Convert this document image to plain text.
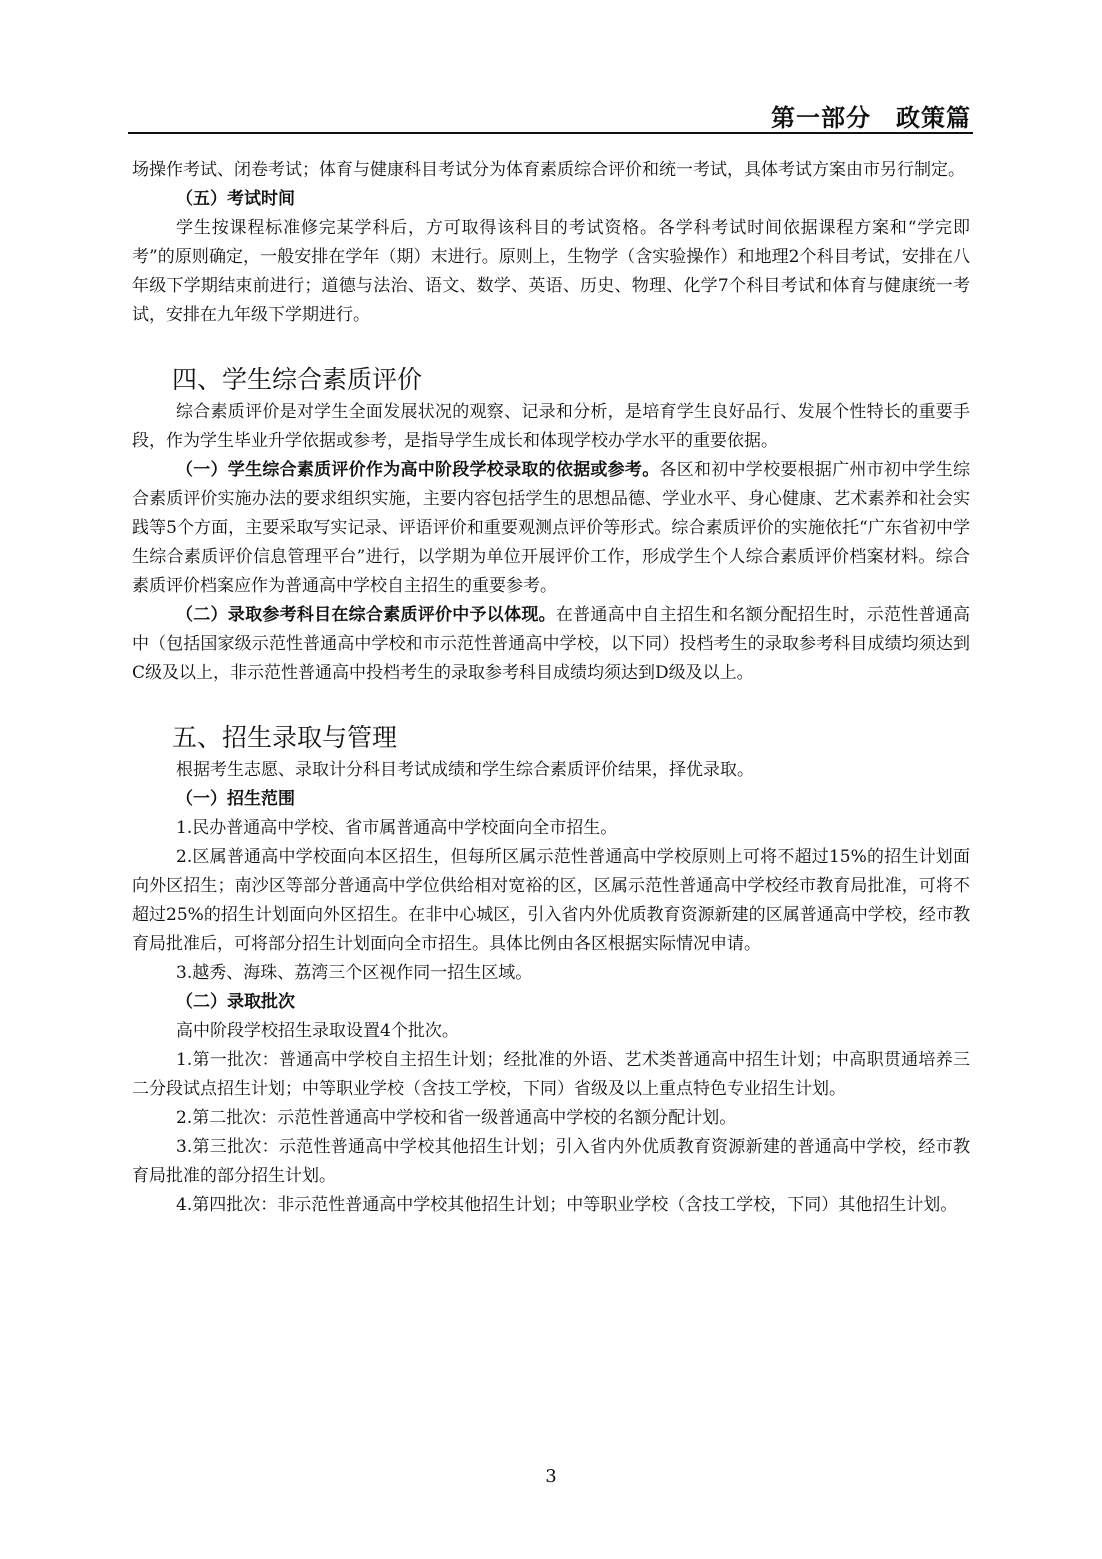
第一部分　政策篇

场操作考试、闭卷考试；体育与健康科目考试分为体育素质综合评价和统一考试，具体考试方案由市另行制定。

（五）考试时间

学生按课程标准修完某学科后，方可取得该科目的考试资格。各学科考试时间依据课程方案和“学完即考”的原则确定，一般安排在学年（期）末进行。原则上，生物学（含实验操作）和地理2个科目考试，安排在八年级下学期结束前进行；道德与法治、语文、数学、英语、历史、物理、化学7个科目考试和体育与健康统一考试，安排在九年级下学期进行。

四、学生综合素质评价

综合素质评价是对学生全面发展状况的观察、记录和分析，是培育学生良好品行、发展个性特长的重要手段，作为学生毕业升学依据或参考，是指导学生成长和体现学校办学水平的重要依据。

（一）学生综合素质评价作为高中阶段学校录取的依据或参考。各区和初中学校要根据广州市初中学生综合素质评价实施办法的要求组织实施，主要内容包括学生的思想品德、学业水平、身心健康、艺术素养和社会实践等5个方面，主要采取写实记录、评语评价和重要观测点评价等形式。综合素质评价的实施依托“广东省初中学生综合素质评价信息管理平台”进行，以学期为单位开展评价工作，形成学生个人综合素质评价档案材料。综合素质评价档案应作为普通高中学校自主招生的重要参考。

（二）录取参考科目在综合素质评价中予以体现。在普通高中自主招生和名额分配招生时，示范性普通高中（包括国家级示范性普通高中学校和市示范性普通高中学校，以下同）投档考生的录取参考科目成绩均须达到C级及以上，非示范性普通高中投档考生的录取参考科目成绩均须达到D级及以上。

五、招生录取与管理

根据考生志愿、录取计分科目考试成绩和学生综合素质评价结果，择优录取。

（一）招生范围

1.民办普通高中学校、省市属普通高中学校面向全市招生。

2.区属普通高中学校面向本区招生，但每所区属示范性普通高中学校原则上可将不超过15%的招生计划面向外区招生；南沙区等部分普通高中学位供给相对宽裕的区，区属示范性普通高中学校经市教育局批准，可将不超过25%的招生计划面向外区招生。在非中心城区，引入省内外优质教育资源新建的区属普通高中学校，经市教育局批准后，可将部分招生计划面向全市招生。具体比例由各区根据实际情况申请。

3.越秀、海珠、荔湾三个区视作同一招生区域。

（二）录取批次

高中阶段学校招生录取设置4个批次。

1.第一批次：普通高中学校自主招生计划；经批准的外语、艺术类普通高中招生计划；中高职贯通培养三二分段试点招生计划；中等职业学校（含技工学校，下同）省级及以上重点特色专业招生计划。

2.第二批次：示范性普通高中学校和省一级普通高中学校的名额分配计划。

3.第三批次：示范性普通高中学校其他招生计划；引入省内外优质教育资源新建的普通高中学校，经市教育局批准的部分招生计划。

4.第四批次：非示范性普通高中学校其他招生计划；中等职业学校（含技工学校，下同）其他招生计划。

3
